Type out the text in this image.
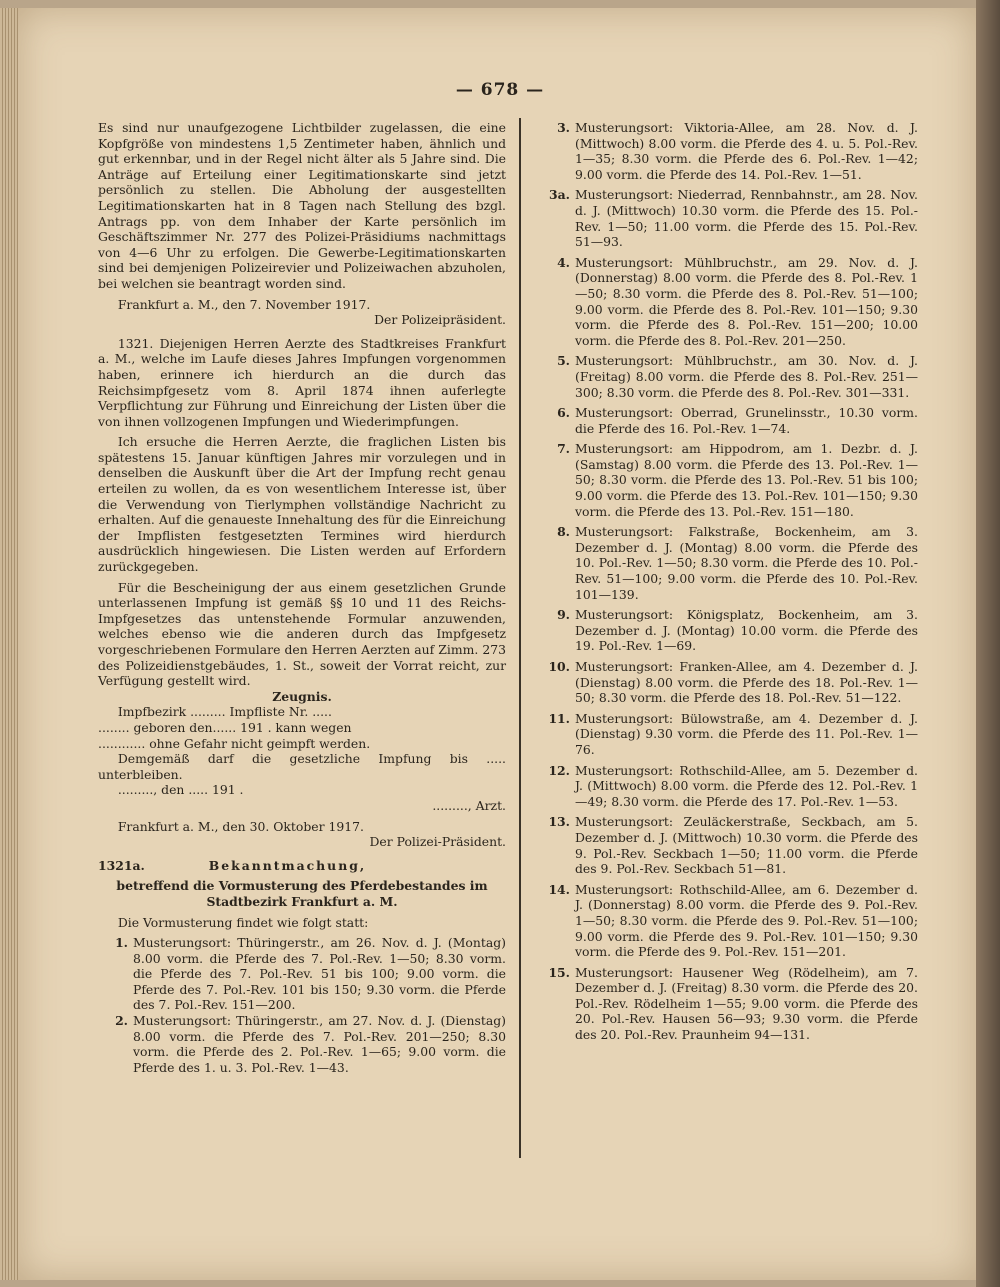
— 678 —

Es sind nur unaufgezogene Lichtbilder zugelassen, die eine Kopfgröße von mindestens 1,5 Zentimeter haben, ähnlich und gut erkennbar, und in der Regel nicht älter als 5 Jahre sind. Die Anträge auf Erteilung einer Legitimationskarte sind jetzt persönlich zu stellen. Die Abholung der ausgestellten Legitimationskarten hat in 8 Tagen nach Stellung des bzgl. Antrags pp. von dem Inhaber der Karte persönlich im Geschäftszimmer Nr. 277 des Polizei-Präsidiums nachmittags von 4—6 Uhr zu erfolgen. Die Gewerbe-Legitimationskarten sind bei demjenigen Polizeirevier und Polizeiwachen abzuholen, bei welchen sie beantragt worden sind.

Frankfurt a. M., den 7. November 1917.

Der Polizeipräsident.

1321. Diejenigen Herren Aerzte des Stadtkreises Frankfurt a. M., welche im Laufe dieses Jahres Impfungen vorgenommen haben, erinnere ich hierdurch an die durch das Reichsimpfgesetz vom 8. April 1874 ihnen auferlegte Verpflichtung zur Führung und Einreichung der Listen über die von ihnen vollzogenen Impfungen und Wiederimpfungen.

Ich ersuche die Herren Aerzte, die fraglichen Listen bis spätestens 15. Januar künftigen Jahres mir vorzulegen und in denselben die Auskunft über die Art der Impfung recht genau erteilen zu wollen, da es von wesentlichem Interesse ist, über die Verwendung von Tierlymphen vollständige Nachricht zu erhalten. Auf die genaueste Innehaltung des für die Einreichung der Impflisten festgesetzten Termines wird hierdurch ausdrücklich hingewiesen. Die Listen werden auf Erfordern zurückgegeben.

Für die Bescheinigung der aus einem gesetzlichen Grunde unterlassenen Impfung ist gemäß §§ 10 und 11 des Reichs-Impfgesetzes das untenstehende Formular anzuwenden, welches ebenso wie die anderen durch das Impfgesetz vorgeschriebenen Formulare den Herren Aerzten auf Zimm. 273 des Polizeidienstgebäudes, 1. St., soweit der Vorrat reicht, zur Verfügung gestellt wird.

Zeugnis.

Impfbezirk ......... Impfliste Nr. .....

........ geboren den...... 191 . kann wegen

............ ohne Gefahr nicht geimpft werden.

Demgemäß darf die gesetzliche Impfung bis ..... unterbleiben.

........., den ..... 191 .

........., Arzt.

Frankfurt a. M., den 30. Oktober 1917.

Der Polizei-Präsident.

1321a.	Bekanntmachung,

betreffend die Vormusterung des Pferdebestandes im Stadtbezirk Frankfurt a. M.

Die Vormusterung findet wie folgt statt:

1. Musterungsort: Thüringerstr., am 26. Nov. d. J. (Montag) 8.00 vorm. die Pferde des 7. Pol.-Rev. 1—50; 8.30 vorm. die Pferde des 7. Pol.-Rev. 51 bis 100; 9.00 vorm. die Pferde des 7. Pol.-Rev. 101 bis 150; 9.30 vorm. die Pferde des 7. Pol.-Rev. 151—200.
2. Musterungsort: Thüringerstr., am 27. Nov. d. J. (Dienstag) 8.00 vorm. die Pferde des 7. Pol.-Rev. 201—250; 8.30 vorm. die Pferde des 2. Pol.-Rev. 1—65; 9.00 vorm. die Pferde des 1. u. 3. Pol.-Rev. 1—43.
3. Musterungsort: Viktoria-Allee, am 28. Nov. d. J. (Mittwoch) 8.00 vorm. die Pferde des 4. u. 5. Pol.-Rev. 1—35; 8.30 vorm. die Pferde des 6. Pol.-Rev. 1—42; 9.00 vorm. die Pferde des 14. Pol.-Rev. 1—51.
3a. Musterungsort: Niederrad, Rennbahnstr., am 28. Nov. d. J. (Mittwoch) 10.30 vorm. die Pferde des 15. Pol.-Rev. 1—50; 11.00 vorm. die Pferde des 15. Pol.-Rev. 51—93.
4. Musterungsort: Mühlbruchstr., am 29. Nov. d. J. (Donnerstag) 8.00 vorm. die Pferde des 8. Pol.-Rev. 1—50; 8.30 vorm. die Pferde des 8. Pol.-Rev. 51—100; 9.00 vorm. die Pferde des 8. Pol.-Rev. 101—150; 9.30 vorm. die Pferde des 8. Pol.-Rev. 151—200; 10.00 vorm. die Pferde des 8. Pol.-Rev. 201—250.
5. Musterungsort: Mühlbruchstr., am 30. Nov. d. J. (Freitag) 8.00 vorm. die Pferde des 8. Pol.-Rev. 251—300; 8.30 vorm. die Pferde des 8. Pol.-Rev. 301—331.
6. Musterungsort: Oberrad, Grunelinsstr., 10.30 vorm. die Pferde des 16. Pol.-Rev. 1—74.
7. Musterungsort: am Hippodrom, am 1. Dezbr. d. J. (Samstag) 8.00 vorm. die Pferde des 13. Pol.-Rev. 1—50; 8.30 vorm. die Pferde des 13. Pol.-Rev. 51 bis 100; 9.00 vorm. die Pferde des 13. Pol.-Rev. 101—150; 9.30 vorm. die Pferde des 13. Pol.-Rev. 151—180.
8. Musterungsort: Falkstraße, Bockenheim, am 3. Dezember d. J. (Montag) 8.00 vorm. die Pferde des 10. Pol.-Rev. 1—50; 8.30 vorm. die Pferde des 10. Pol.-Rev. 51—100; 9.00 vorm. die Pferde des 10. Pol.-Rev. 101—139.
9. Musterungsort: Königsplatz, Bockenheim, am 3. Dezember d. J. (Montag) 10.00 vorm. die Pferde des 19. Pol.-Rev. 1—69.
10. Musterungsort: Franken-Allee, am 4. Dezember d. J. (Dienstag) 8.00 vorm. die Pferde des 18. Pol.-Rev. 1—50; 8.30 vorm. die Pferde des 18. Pol.-Rev. 51—122.
11. Musterungsort: Bülowstraße, am 4. Dezember d. J. (Dienstag) 9.30 vorm. die Pferde des 11. Pol.-Rev. 1—76.
12. Musterungsort: Rothschild-Allee, am 5. Dezember d. J. (Mittwoch) 8.00 vorm. die Pferde des 12. Pol.-Rev. 1—49; 8.30 vorm. die Pferde des 17. Pol.-Rev. 1—53.
13. Musterungsort: Zeuläckerstraße, Seckbach, am 5. Dezember d. J. (Mittwoch) 10.30 vorm. die Pferde des 9. Pol.-Rev. Seckbach 1—50; 11.00 vorm. die Pferde des 9. Pol.-Rev. Seckbach 51—81.
14. Musterungsort: Rothschild-Allee, am 6. Dezember d. J. (Donnerstag) 8.00 vorm. die Pferde des 9. Pol.-Rev. 1—50; 8.30 vorm. die Pferde des 9. Pol.-Rev. 51—100; 9.00 vorm. die Pferde des 9. Pol.-Rev. 101—150; 9.30 vorm. die Pferde des 9. Pol.-Rev. 151—201.
15. Musterungsort: Hausener Weg (Rödelheim), am 7. Dezember d. J. (Freitag) 8.30 vorm. die Pferde des 20. Pol.-Rev. Rödelheim 1—55; 9.00 vorm. die Pferde des 20. Pol.-Rev. Hausen 56—93; 9.30 vorm. die Pferde des 20. Pol.-Rev. Praunheim 94—131.
